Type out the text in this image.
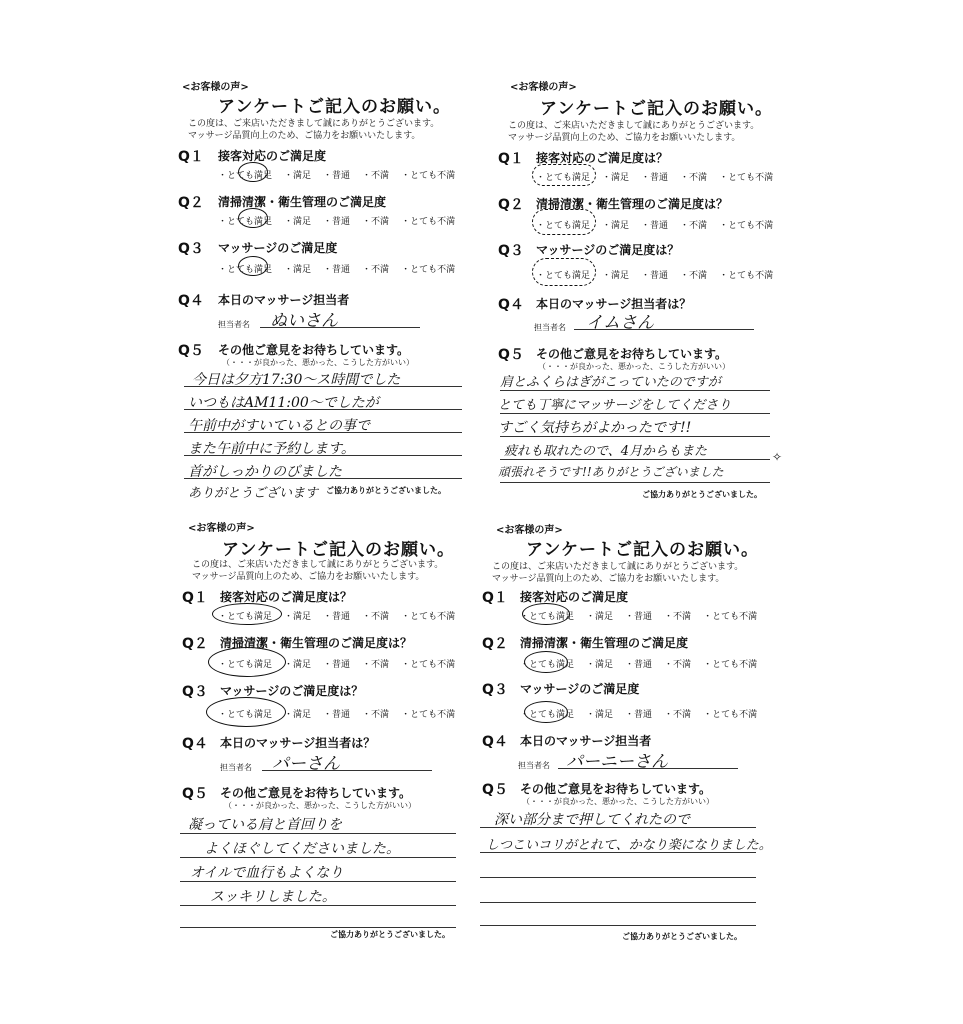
<お客様の声>
アンケートご記入のお願い。
この度は、ご来店いただきまして誠にありがとうございます。
マッサージ品質向上のため、ご協力をお願いいたします。
Q１ 接客対応のご満足度
・とても満足 ・満足 ・普通 ・不満 ・とても不満
Q２ 清掃清潔・衛生管理のご満足度
・とても満足 ・満足 ・普通 ・不満 ・とても不満
Q３ マッサージのご満足度
・とても満足 ・満足 ・普通 ・不満 ・とても不満
Q４ 本日のマッサージ担当者
担当者名 ぬいさん
Q５ その他ご意見をお待ちしています。
（・・・が良かった、悪かった、こうした方がいい）
今日は夕方17:30～ス時間でした
いつもはAM11:00～でしたが
午前中がすいているとの事で
また午前中に予約します。
首がしっかりのびました
ありがとうございます ご協力ありがとうございました。
<お客様の声>
アンケートご記入のお願い。
この度は、ご来店いただきまして誠にありがとうございます。
マッサージ品質向上のため、ご協力をお願いいたします。
Q１ 接客対応のご満足度は？
・とても満足 ・満足 ・普通 ・不満 ・とても不満
Q２ 清掃清潔・衛生管理のご満足度は？
・とても満足 ・満足 ・普通 ・不満 ・とても不満
Q３ マッサージのご満足度は？
・とても満足 ・満足 ・普通 ・不満 ・とても不満
Q４ 本日のマッサージ担当者は？
担当者名 イムさん
Q５ その他ご意見をお待ちしています。
（・・・が良かった、悪かった、こうした方がいい）
肩とふくらはぎがこっていたのですが
とても丁寧にマッサージをしてくださり
すごく気持ちがよかったです!!
疲れも取れたので、4月からもまた
頑張れそうです!!ありがとうございました
✧
ご協力ありがとうございました。
<お客様の声>
アンケートご記入のお願い。
この度は、ご来店いただきまして誠にありがとうございます。
マッサージ品質向上のため、ご協力をお願いいたします。
Q１ 接客対応のご満足度は？
・とても満足 ・満足 ・普通 ・不満 ・とても不満
Q２ 清掃清潔・衛生管理のご満足度は？
・とても満足 ・満足 ・普通 ・不満 ・とても不満
Q３ マッサージのご満足度は？
・とても満足 ・満足 ・普通 ・不満 ・とても不満
Q４ 本日のマッサージ担当者は？
担当者名 パーさん
Q５ その他ご意見をお待ちしています。
（・・・が良かった、悪かった、こうした方がいい）
凝っている肩と首回りを
よくほぐしてくださいました。
オイルで血行もよくなり
スッキリしました。
ご協力ありがとうございました。
<お客様の声>
アンケートご記入のお願い。
この度は、ご来店いただきまして誠にありがとうございます。
マッサージ品質向上のため、ご協力をお願いいたします。
Q１ 接客対応のご満足度
・とても満足 ・満足 ・普通 ・不満 ・とても不満
Q２ 清掃清潔・衛生管理のご満足度
・とても満足 ・満足 ・普通 ・不満 ・とても不満
Q３ マッサージのご満足度
・とても満足 ・満足 ・普通 ・不満 ・とても不満
Q４ 本日のマッサージ担当者
担当者名 パーニーさん
Q５ その他ご意見をお待ちしています。
（・・・が良かった、悪かった、こうした方がいい）
深い部分まで押してくれたので
しつこいコリがとれて、かなり楽になりました。
ご協力ありがとうございました。
